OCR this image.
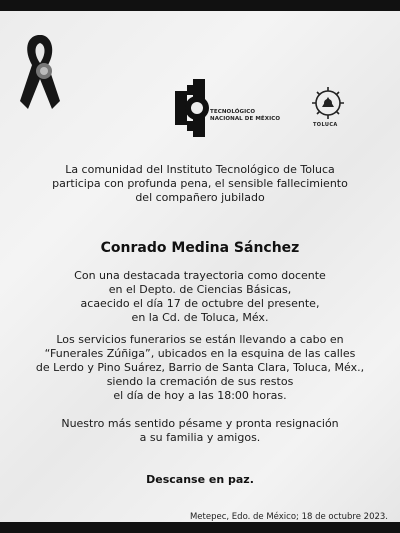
TECNOLÓGICO
NACIONAL DE MÉXICO
TOLUCA

La comunidad del Instituto Tecnológico de Toluca

participa con profunda pena, el sensible fallecimiento

del compañero jubilado

Conrado Medina Sánchez

Con una destacada trayectoria como docente

en el Depto. de Ciencias Básicas,

acaecido el día 17 de octubre del presente,

en la Cd. de Toluca, Méx.

Los servicios funerarios se están llevando a cabo en

“Funerales Zúñiga”, ubicados en la esquina de las calles

de Lerdo y Pino Suárez, Barrio de Santa Clara, Toluca, Méx.,

siendo la cremación de sus restos

el día de hoy a las 18:00 horas.

Nuestro más sentido pésame y pronta resignación

a su familia y amigos.

Descanse en paz.
Metepec, Edo. de México; 18 de octubre 2023.
